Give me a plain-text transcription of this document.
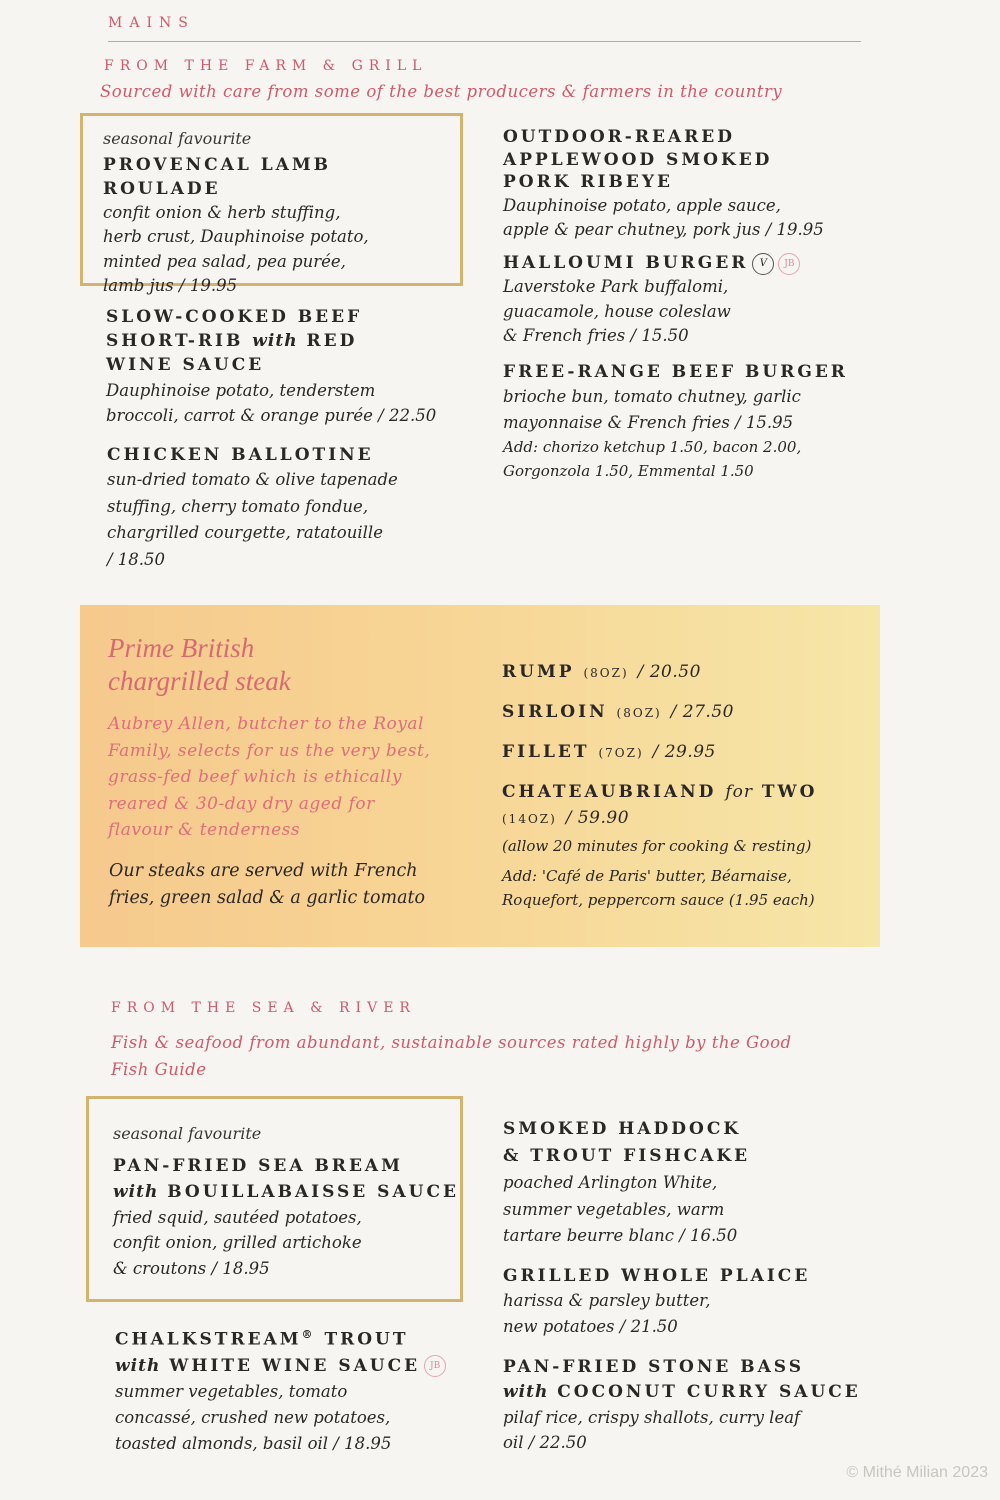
MAINS
FROM THE FARM & GRILL
Sourced with care from some of the best producers & farmers in the country
seasonal favourite
PROVENCAL LAMB ROULADE
confit onion & herb stuffing,
herb crust, Dauphinoise potato,
minted pea salad, pea purée,
lamb jus / 19.95
SLOW-COOKED BEEF
SHORT-RIB with RED
WINE SAUCE
Dauphinoise potato, tenderstem
broccoli, carrot & orange purée / 22.50
CHICKEN BALLOTINE
sun-dried tomato & olive tapenade
stuffing, cherry tomato fondue,
chargrilled courgette, ratatouille
/ 18.50
OUTDOOR-REARED
APPLEWOOD SMOKED
PORK RIBEYE
Dauphinoise potato, apple sauce,
apple & pear chutney, pork jus / 19.95
HALLOUMI BURGER V JB
Laverstoke Park buffalomi,
guacamole, house coleslaw
& French fries / 15.50
FREE-RANGE BEEF BURGER
brioche bun, tomato chutney, garlic
mayonnaise & French fries / 15.95
Add: chorizo ketchup 1.50, bacon 2.00,
Gorgonzola 1.50, Emmental 1.50
Prime British
chargrilled steak
Aubrey Allen, butcher to the Royal
Family, selects for us the very best,
grass-fed beef which is ethically
reared & 30-day dry aged for
flavour & tenderness
Our steaks are served with French
fries, green salad & a garlic tomato
RUMP (8OZ) / 20.50
SIRLOIN (8OZ) / 27.50
FILLET (7OZ) / 29.95
CHATEAUBRIAND for TWO
(14OZ) / 59.90
(allow 20 minutes for cooking & resting)
Add: 'Café de Paris' butter, Béarnaise,
Roquefort, peppercorn sauce (1.95 each)
FROM THE SEA & RIVER
Fish & seafood from abundant, sustainable sources rated highly by the Good
Fish Guide
seasonal favourite
PAN-FRIED SEA BREAM
with BOUILLABAISSE SAUCE
fried squid, sautéed potatoes,
confit onion, grilled artichoke
& croutons / 18.95
CHALKSTREAM® TROUT
with WHITE WINE SAUCE JB
summer vegetables, tomato
concassé, crushed new potatoes,
toasted almonds, basil oil / 18.95
SMOKED HADDOCK
& TROUT FISHCAKE
poached Arlington White,
summer vegetables, warm
tartare beurre blanc / 16.50
GRILLED WHOLE PLAICE
harissa & parsley butter,
new potatoes / 21.50
PAN-FRIED STONE BASS
with COCONUT CURRY SAUCE
pilaf rice, crispy shallots, curry leaf
oil / 22.50
© Mithé Milian 2023
